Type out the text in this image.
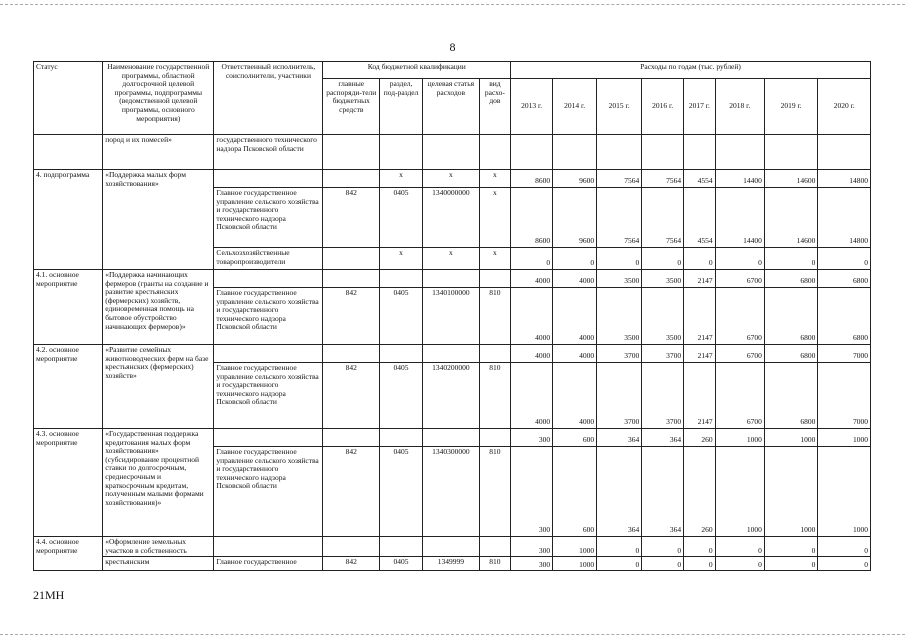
8
Статус	Наименование государственной программы, областной долгосрочной целевой программы, подпрограммы (ведомственной целевой программы, основного мероприятия)	Ответственный исполнитель, соисполнители, участники	Код бюджетной квалификации				Расходы по годам (тыс. рублей)							
			главные распоряди-тели бюджетных средств	раздел, под-раздел	целевая статья расходов	вид расхо-дов	2013 г.	2014 г.	2015 г.	2016 г.	2017 г.	2018 г.	2019 г.	2020 г.
	пород и их помесей»	государственного технического надзора Псковской области												
4. подпрограмма	«Поддержка малых форм хозяйствования»			x	x	x	8600	9600	7564	7564	4554	14400	14600	14800
		Главное государственное управление сельского хозяйства и государственного технического надзора Псковской области	842	0405	1340000000	x	8600	9600	7564	7564	4554	14400	14600	14800
		Сельхозхозяйственные товаропроизводители		x	x	x	0	0	0	0	0	0	0	0
4.1. основное мероприятие	«Поддержка начинающих фермеров (гранты на создание и развитие крестьянских (фермерских) хозяйств, единовременная помощь на бытовое обустройство начинающих фермеров)»						4000	4000	3500	3500	2147	6700	6800	6800
		Главное государственное управление сельского хозяйства и государственного технического надзора Псковской области	842	0405	1340100000	810	4000	4000	3500	3500	2147	6700	6800	6800
4.2. основное мероприятие	«Развитие семейных животноводческих ферм на базе крестьянских (фермерских) хозяйств»						4000	4000	3700	3700	2147	6700	6800	7000
		Главное государственное управление сельского хозяйства и государственного технического надзора Псковской области	842	0405	1340200000	810	4000	4000	3700	3700	2147	6700	6800	7000
4.3. основное мероприятие	«Государственная поддержка кредитования малых форм хозяйствования» (субсидирование процентной ставки по долгосрочным, среднесрочным и краткосрочным кредитам, полученным малыми формами хозяйствования)»						300	600	364	364	260	1000	1000	1000
		Главное государственное управление сельского хозяйства и государственного технического надзора Псковской области	842	0405	1340300000	810	300	600	364	364	260	1000	1000	1000
4.4. основное мероприятие	«Оформление земельных участков в собственность						300	1000	0	0	0	0	0	0
	крестьянским	Главное государственное	842	0405	1349999	810	300	1000	0	0	0	0	0	0
21МН
